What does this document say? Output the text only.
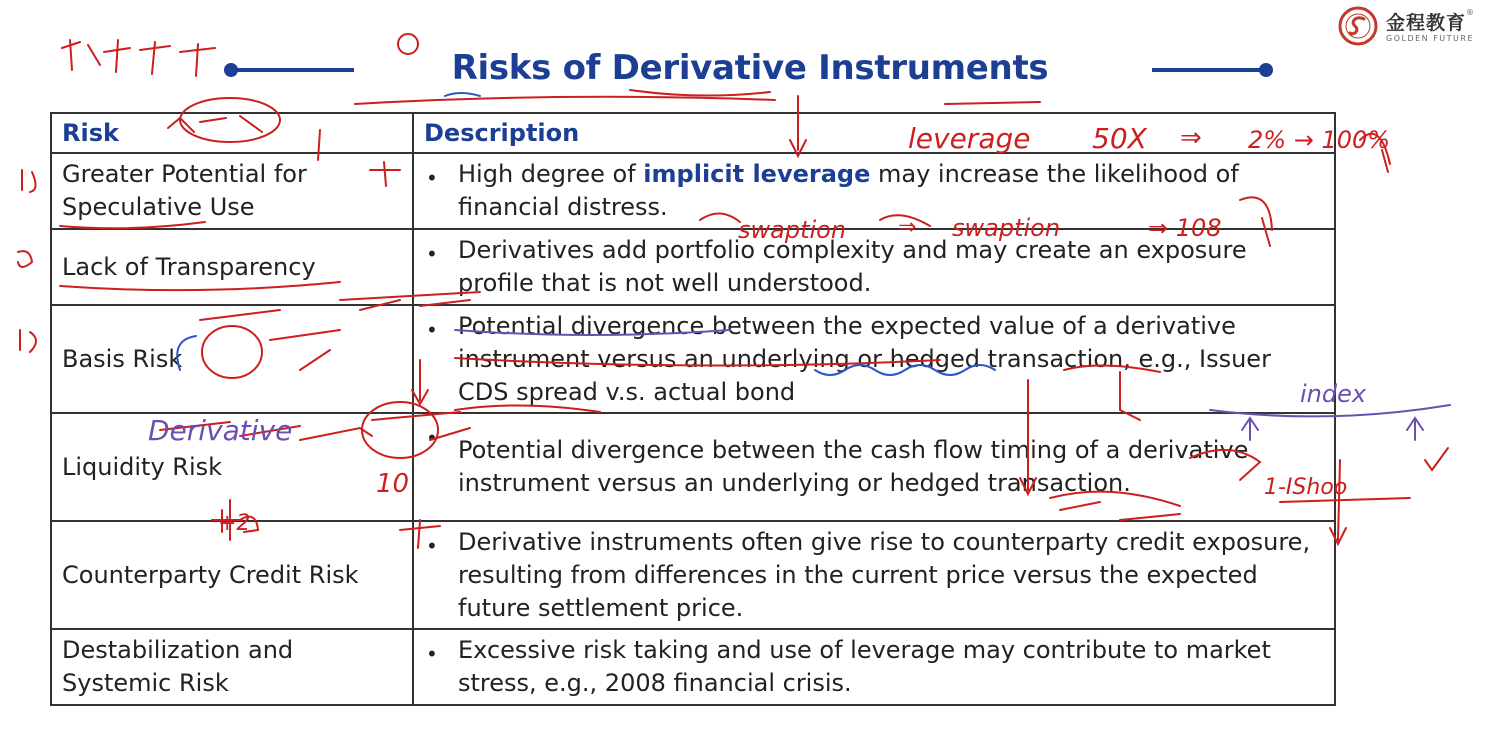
金程教育®
GOLDEN FUTURE
Risks of Derivative Instruments
Risk	Description
Greater Potential for Speculative Use	• High degree of implicit leverage may increase the likelihood of financial distress.
Lack of Transparency	• Derivatives add portfolio complexity and may create an exposure profile that is not well understood.
Basis Risk	• Potential divergence between the expected value of a derivative instrument versus an underlying or hedged transaction, e.g., Issuer CDS spread v.s. actual bond
Liquidity Risk	• Potential divergence between the cash flow timing of a derivative instrument versus an underlying or hedged transaction.
Counterparty Credit Risk	• Derivative instruments often give rise to counterparty credit exposure, resulting from differences in the current price versus the expected future settlement price.
Destabilization and Systemic Risk	• Excessive risk taking and use of leverage may contribute to market stress, e.g., 2008 financial crisis.
leverage 50X ⇒ 2% → 100%
swaption ⇒ swaption	⇒ 108
Derivative
index
1-IShoo
10
+2
